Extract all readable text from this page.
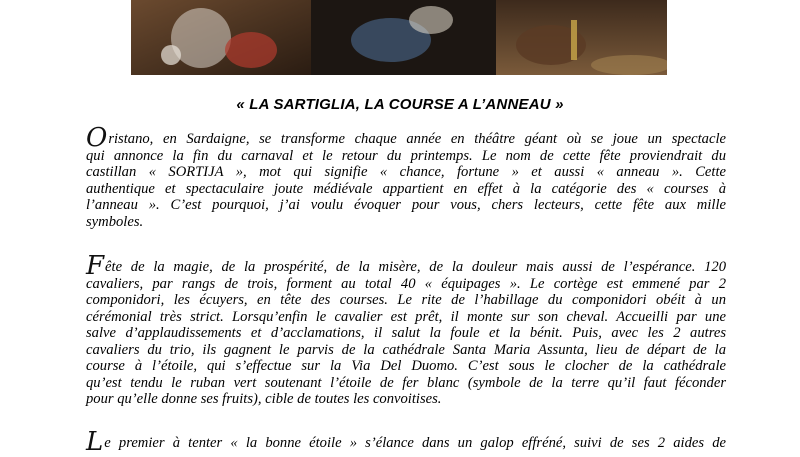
« LA SARTIGLIA, LA COURSE A L’ANNEAU »
Oristano, en Sardaigne, se transforme chaque année en théâtre géant où se joue un spectacle
qui annonce la fin du carnaval et le retour du printemps. Le nom de cette fête proviendrait du
castillan « SORTIJA », mot qui signifie « chance, fortune » et aussi « anneau ». Cette
authentique et spectaculaire joute médiévale appartient en effet à la catégorie des « courses à
l’anneau ». C’est pourquoi, j’ai voulu évoquer pour vous, chers lecteurs, cette fête aux mille
symboles.
Fête de la magie, de la prospérité, de la misère, de la douleur mais aussi de l’espérance. 120
cavaliers, par rangs de trois, forment au total 40 « équipages ». Le cortège est emmené par 2
componidori, les écuyers, en tête des courses. Le rite de l’habillage du componidori obéit à un
cérémonial très strict. Lorsqu’enfin le cavalier est prêt, il monte sur son cheval. Accueilli par une
salve d’applaudissements et d’acclamations, il salut la foule et la bénit. Puis, avec les 2 autres
cavaliers du trio, ils gagnent le parvis de la cathédrale Santa Maria Assunta, lieu de départ de la
course à l’étoile, qui s’effectue sur la Via Del Duomo. C’est sous le clocher de la cathédrale
qu’est tendu le ruban vert soutenant l’étoile de fer blanc (symbole de la terre qu’il faut féconder
pour qu’elle donne ses fruits), cible de toutes les convoitises.
Le premier à tenter « la bonne étoile » s’élance dans un galop effréné, suivi de ses 2 aides de
